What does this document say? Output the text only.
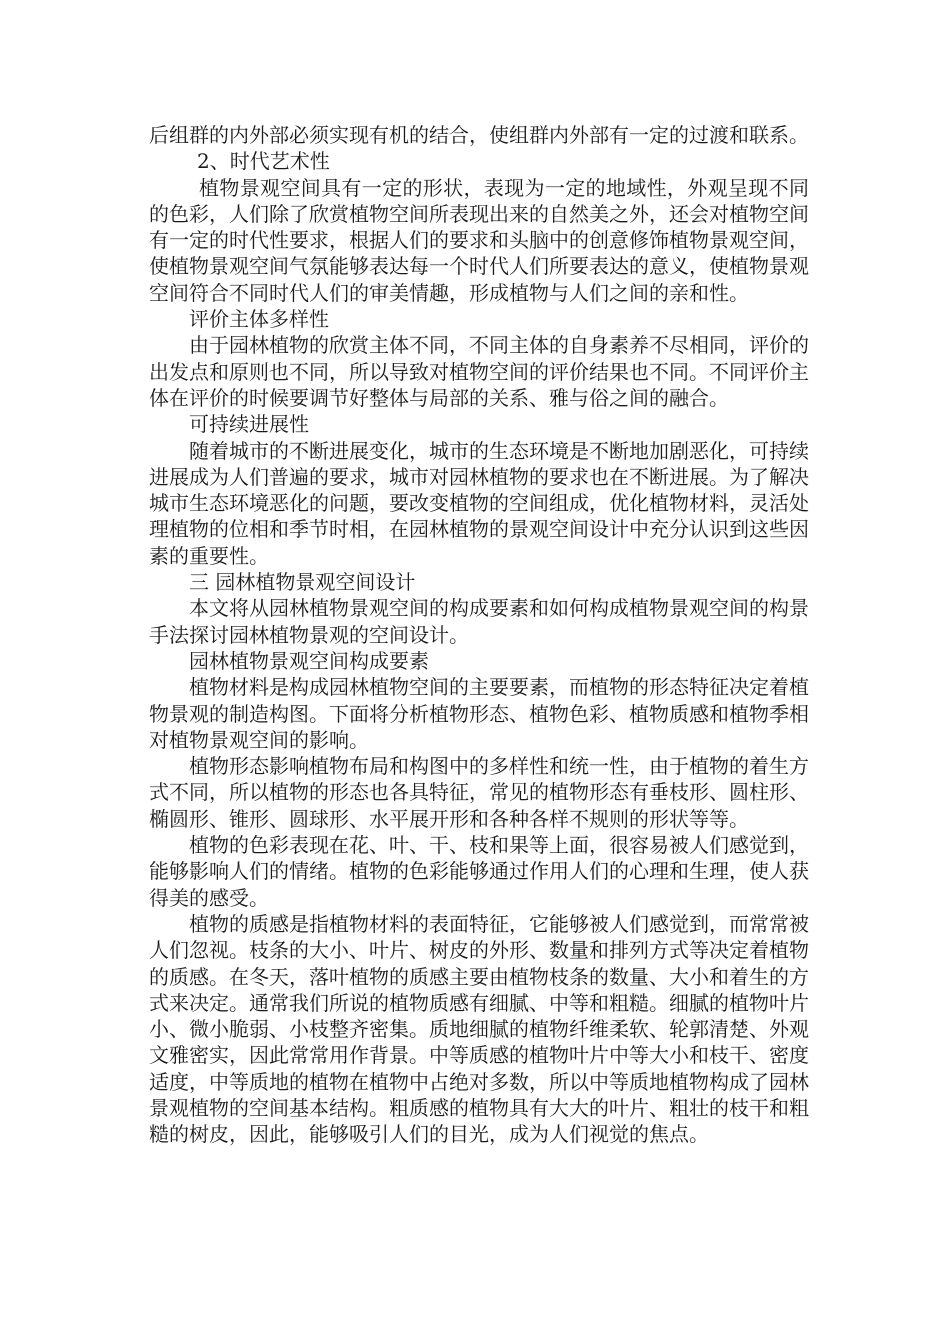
后组群的内外部必须实现有机的结合，使组群内外部有一定的过渡和联系。

2、时代艺术性

植物景观空间具有一定的形状，表现为一定的地域性，外观呈现不同的色彩，人们除了欣赏植物空间所表现出来的自然美之外，还会对植物空间有一定的时代性要求，根据人们的要求和头脑中的创意修饰植物景观空间，使植物景观空间气氛能够表达每一个时代人们所要表达的意义，使植物景观空间符合不同时代人们的审美情趣，形成植物与人们之间的亲和性。

评价主体多样性

由于园林植物的欣赏主体不同，不同主体的自身素养不尽相同，评价的出发点和原则也不同，所以导致对植物空间的评价结果也不同。不同评价主体在评价的时候要调节好整体与局部的关系、雅与俗之间的融合。

可持续进展性

随着城市的不断进展变化，城市的生态环境是不断地加剧恶化，可持续进展成为人们普遍的要求，城市对园林植物的要求也在不断进展。为了解决城市生态环境恶化的问题，要改变植物的空间组成，优化植物材料，灵活处理植物的位相和季节时相，在园林植物的景观空间设计中充分认识到这些因素的重要性。

三 园林植物景观空间设计

本文将从园林植物景观空间的构成要素和如何构成植物景观空间的构景手法探讨园林植物景观的空间设计。

园林植物景观空间构成要素

植物材料是构成园林植物空间的主要要素，而植物的形态特征决定着植物景观的制造构图。下面将分析植物形态、植物色彩、植物质感和植物季相对植物景观空间的影响。

植物形态影响植物布局和构图中的多样性和统一性，由于植物的着生方式不同，所以植物的形态也各具特征，常见的植物形态有垂枝形、圆柱形、椭圆形、锥形、圆球形、水平展开形和各种各样不规则的形状等等。

植物的色彩表现在花、叶、干、枝和果等上面，很容易被人们感觉到，能够影响人们的情绪。植物的色彩能够通过作用人们的心理和生理，使人获得美的感受。

植物的质感是指植物材料的表面特征，它能够被人们感觉到，而常常被人们忽视。枝条的大小、叶片、树皮的外形、数量和排列方式等决定着植物的质感。在冬天，落叶植物的质感主要由植物枝条的数量、大小和着生的方式来决定。通常我们所说的植物质感有细腻、中等和粗糙。细腻的植物叶片小、微小脆弱、小枝整齐密集。质地细腻的植物纤维柔软、轮郭清楚、外观文雅密实，因此常常用作背景。中等质感的植物叶片中等大小和枝干、密度适度，中等质地的植物在植物中占绝对多数，所以中等质地植物构成了园林景观植物的空间基本结构。粗质感的植物具有大大的叶片、粗壮的枝干和粗糙的树皮，因此，能够吸引人们的目光，成为人们视觉的焦点。
